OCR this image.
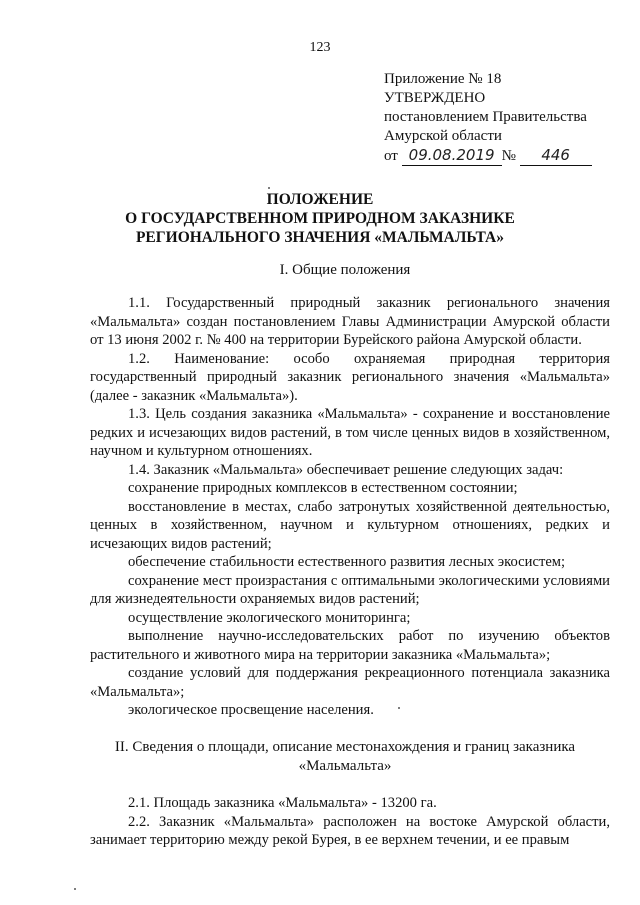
123
Приложение № 18
УТВЕРЖДЕНО
постановлением Правительства
Амурской области
от 09.08.2019 № 446
ПОЛОЖЕНИЕ
О ГОСУДАРСТВЕННОМ ПРИРОДНОМ ЗАКАЗНИКЕ
РЕГИОНАЛЬНОГО ЗНАЧЕНИЯ «МАЛЬМАЛЬТА»
I. Общие положения

1.1. Государственный природный заказник регионального значения «Мальмальта» создан постановлением Главы Администрации Амурской области от 13 июня 2002 г. № 400 на территории Бурейского района Амурской области.

1.2. Наименование: особо охраняемая природная территория государственный природный заказник регионального значения «Мальмальта» (далее - заказник «Мальмальта»).

1.3. Цель создания заказника «Мальмальта» - сохранение и восстановление редких и исчезающих видов растений, в том числе ценных видов в хозяйственном, научном и культурном отношениях.

1.4. Заказник «Мальмальта» обеспечивает решение следующих задач:

сохранение природных комплексов в естественном состоянии;

восстановление в местах, слабо затронутых хозяйственной деятельностью, ценных в хозяйственном, научном и культурном отношениях, редких и исчезающих видов растений;

обеспечение стабильности естественного развития лесных экосистем;

сохранение мест произрастания с оптимальными экологическими условиями для жизнедеятельности охраняемых видов растений;

осуществление экологического мониторинга;

выполнение научно-исследовательских работ по изучению объектов растительного и животного мира на территории заказника «Мальмальта»;

создание условий для поддержания рекреационного потенциала заказника «Мальмальта»;

экологическое просвещение населения.

II. Сведения о площади, описание местонахождения и границ заказника
«Мальмальта»

2.1. Площадь заказника «Мальмальта» - 13200 га.

2.2. Заказник «Мальмальта» расположен на востоке Амурской области, занимает территорию между рекой Бурея, в ее верхнем течении, и ее правым
